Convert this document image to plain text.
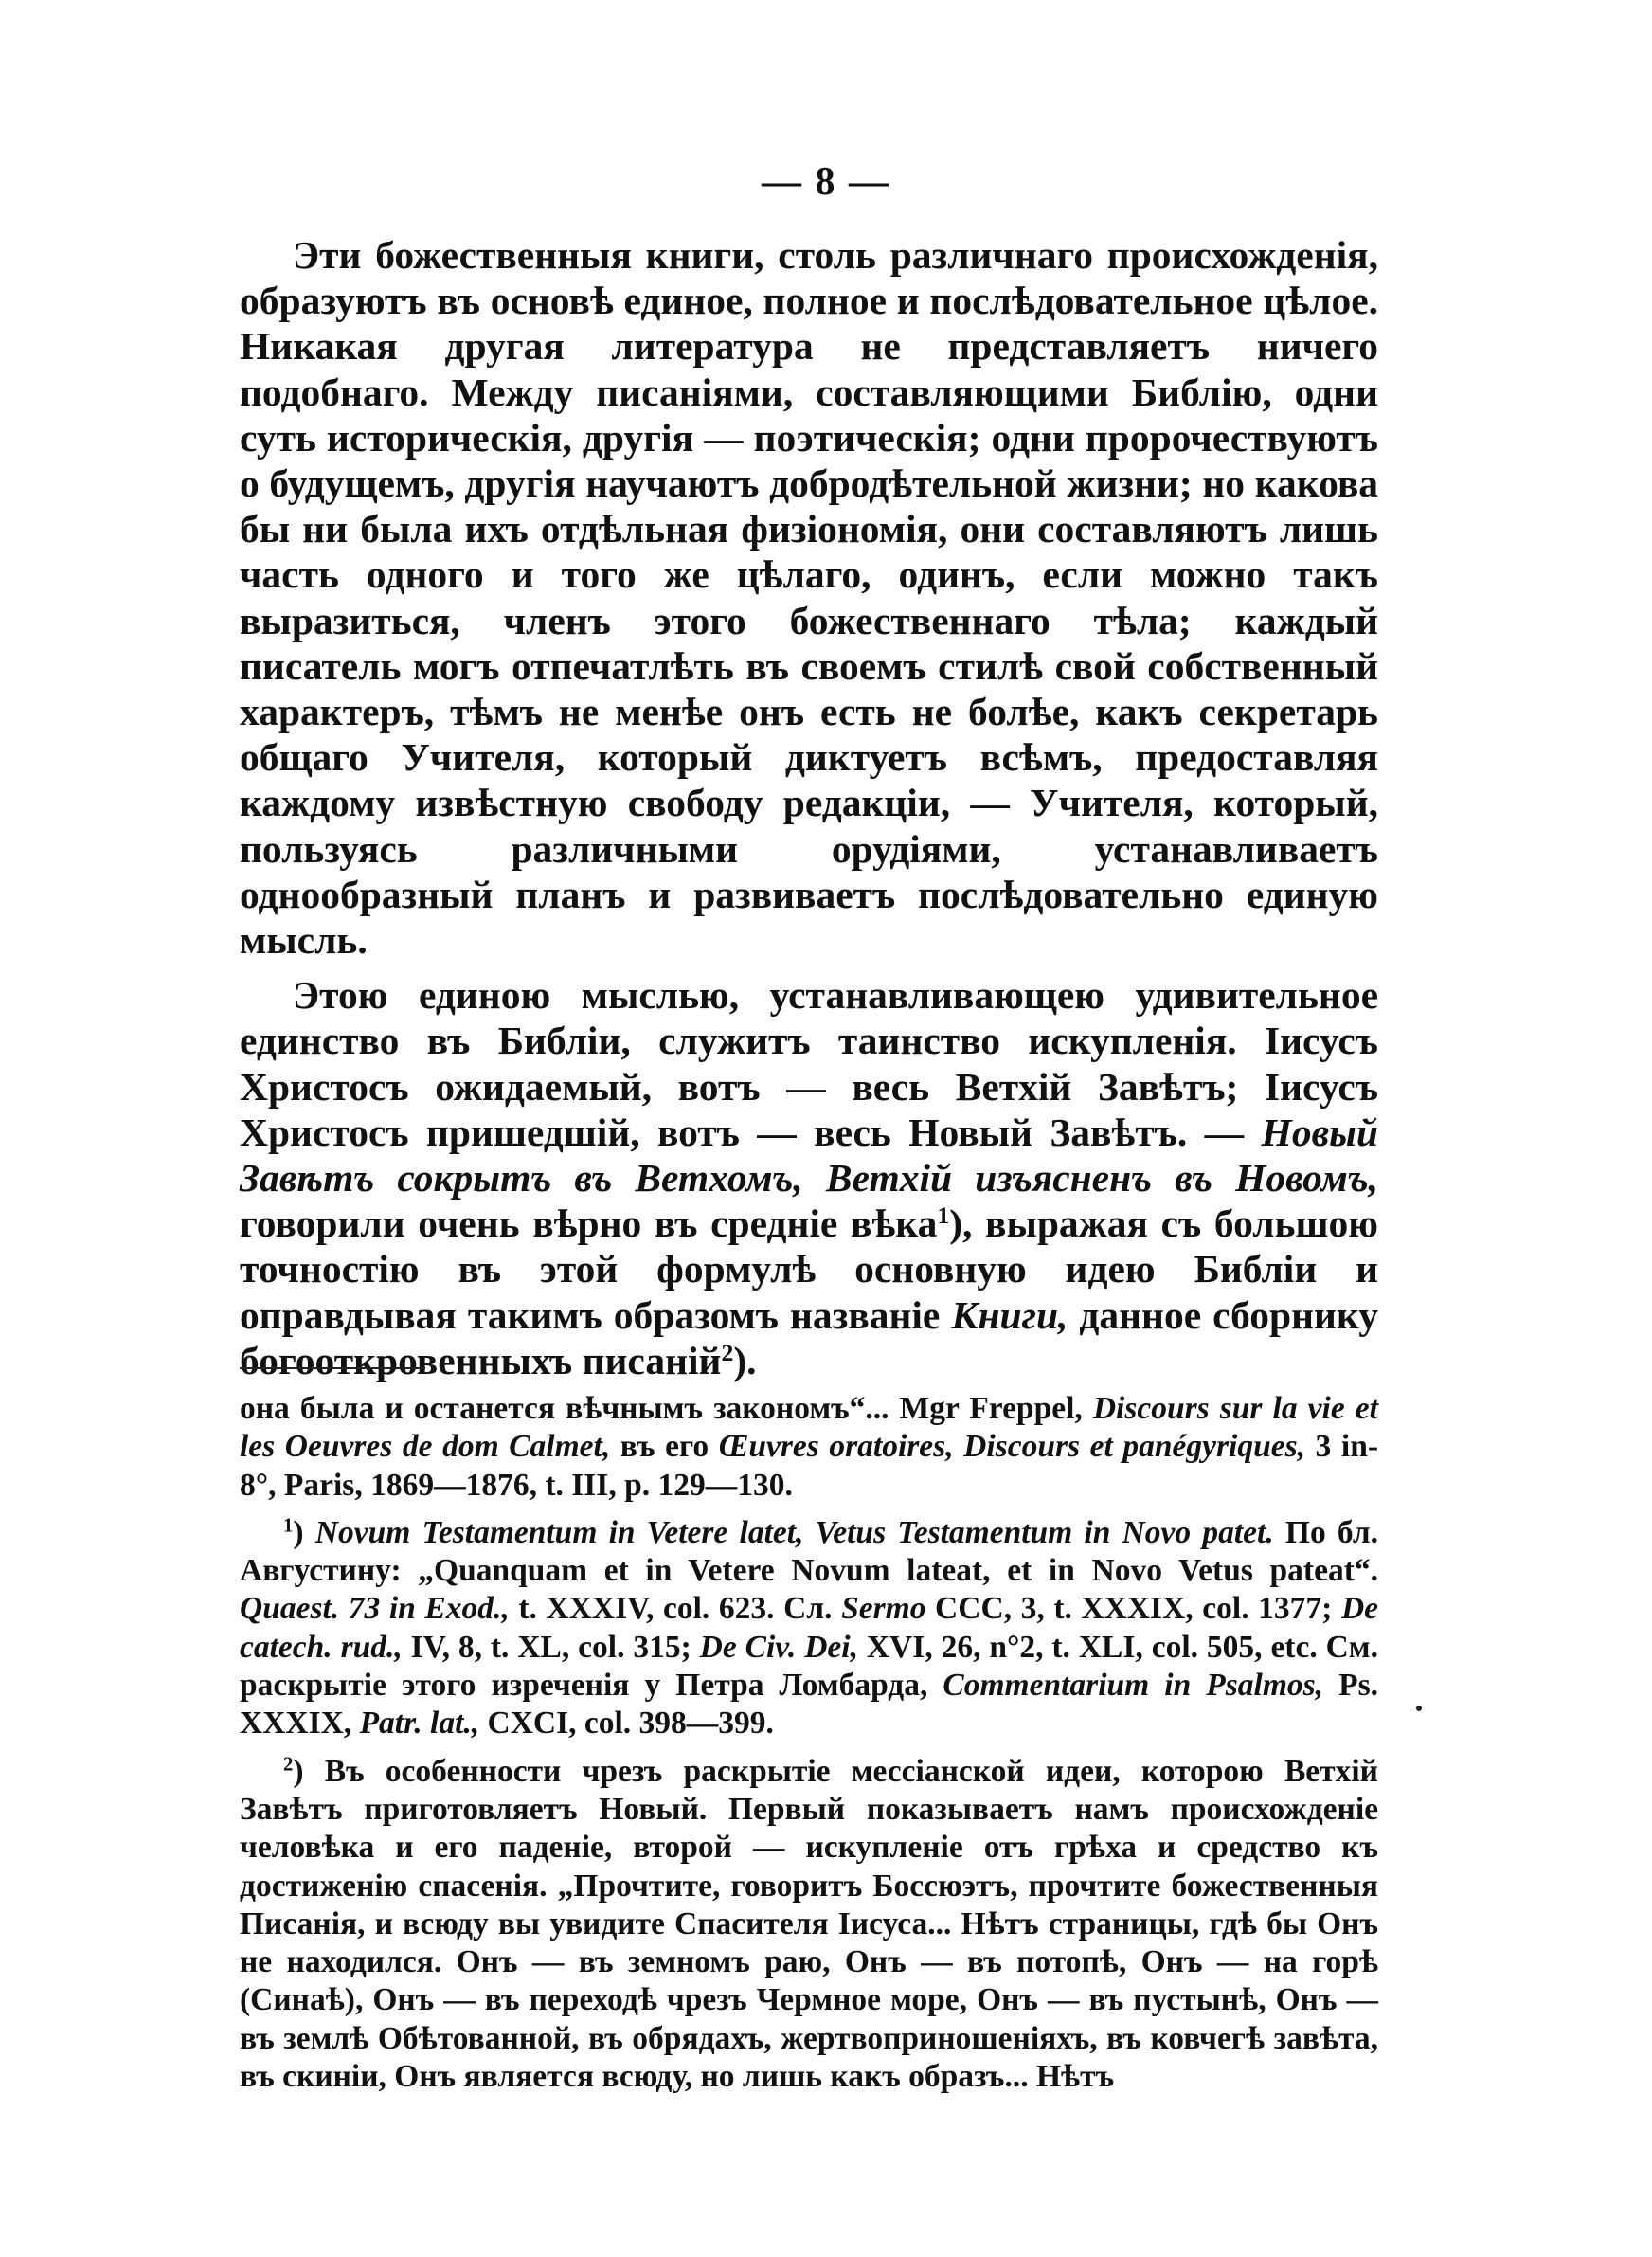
— 8 —

Эти божественныя книги, столь различнаго происхожденія, образуютъ въ основѣ единое, полное и послѣдовательное цѣлое. Никакая другая литература не представляетъ ничего подобнаго. Между писаніями, составляющими Библію, одни суть историческія, другія — поэтическія; одни пророчествуютъ о будущемъ, другія научаютъ добродѣтельной жизни; но какова бы ни была ихъ отдѣльная физіономія, они составляютъ лишь часть одного и того же цѣлаго, одинъ, если можно такъ выразиться, членъ этого божественнаго тѣла; каждый писатель могъ отпечатлѣть въ своемъ стилѣ свой собственный характеръ, тѣмъ не менѣе онъ есть не болѣе, какъ секретарь общаго Учителя, который диктуетъ всѣмъ, предоставляя каждому извѣстную свободу редакціи, — Учителя, который, пользуясь различными орудіями, устанавливаетъ однообразный планъ и развиваетъ послѣдовательно единую мысль.

Этою единою мыслью, устанавливающею удивительное единство въ Библіи, служитъ таинство искупленія. Іисусъ Христосъ ожидаемый, вотъ — весь Ветхій Завѣтъ; Іисусъ Христосъ пришедшій, вотъ — весь Новый Завѣтъ. — Новый Завѣтъ сокрытъ въ Ветхомъ, Ветхій изъясненъ въ Новомъ, говорили очень вѣрно въ средніе вѣка$^1$), выражая съ большою точностію въ этой формулѣ основную идею Библіи и оправдывая такимъ образомъ названіе Книги, данное сборнику богооткровенныхъ писаній$^2$).

она была и останется вѣчнымъ закономъ“... Mgr Freppel, Discours sur la vie et les Oeuvres de dom Calmet, въ его Œuvres oratoires, Discours et panégyriques, 3 in-8°, Paris, 1869—1876, t. III, p. 129—130.

$^1$) Novum Testamentum in Vetere latet, Vetus Testamentum in Novo patet. По бл. Августину: „Quanquam et in Vetere Novum lateat, et in Novo Vetus pateat“. Quaest. 73 in Exod., t. XXXIV, col. 623. Сл. Sermo CCC, 3, t. XXXIX, col. 1377; De catech. rud., IV, 8, t. XL, col. 315; De Civ. Dei, XVI, 26, n°2, t. XLI, col. 505, etc. См. раскрытіе этого изреченія у Петра Ломбарда, Commentarium in Psalmos, Ps. XXXIX, Patr. lat., CXCI, col. 398—399.

$^2$) Въ особенности чрезъ раскрытіе мессіанской идеи, которою Ветхій Завѣтъ приготовляетъ Новый. Первый показываетъ намъ происхожденіе человѣка и его паденіе, второй — искупленіе отъ грѣха и средство къ достиженію спасенія. „Прочтите, говоритъ Боссюэтъ, прочтите божественныя Писанія, и всюду вы увидите Спасителя Іисуса... Нѣтъ страницы, гдѣ бы Онъ не находился. Онъ — въ земномъ раю, Онъ — въ потопѣ, Онъ — на горѣ (Синаѣ), Онъ — въ переходѣ чрезъ Чермное море, Онъ — въ пустынѣ, Онъ — въ землѣ Обѣтованной, въ обрядахъ, жертвоприношеніяхъ, въ ковчегѣ завѣта, въ скиніи, Онъ является всюду, но лишь какъ образъ... Нѣтъ
